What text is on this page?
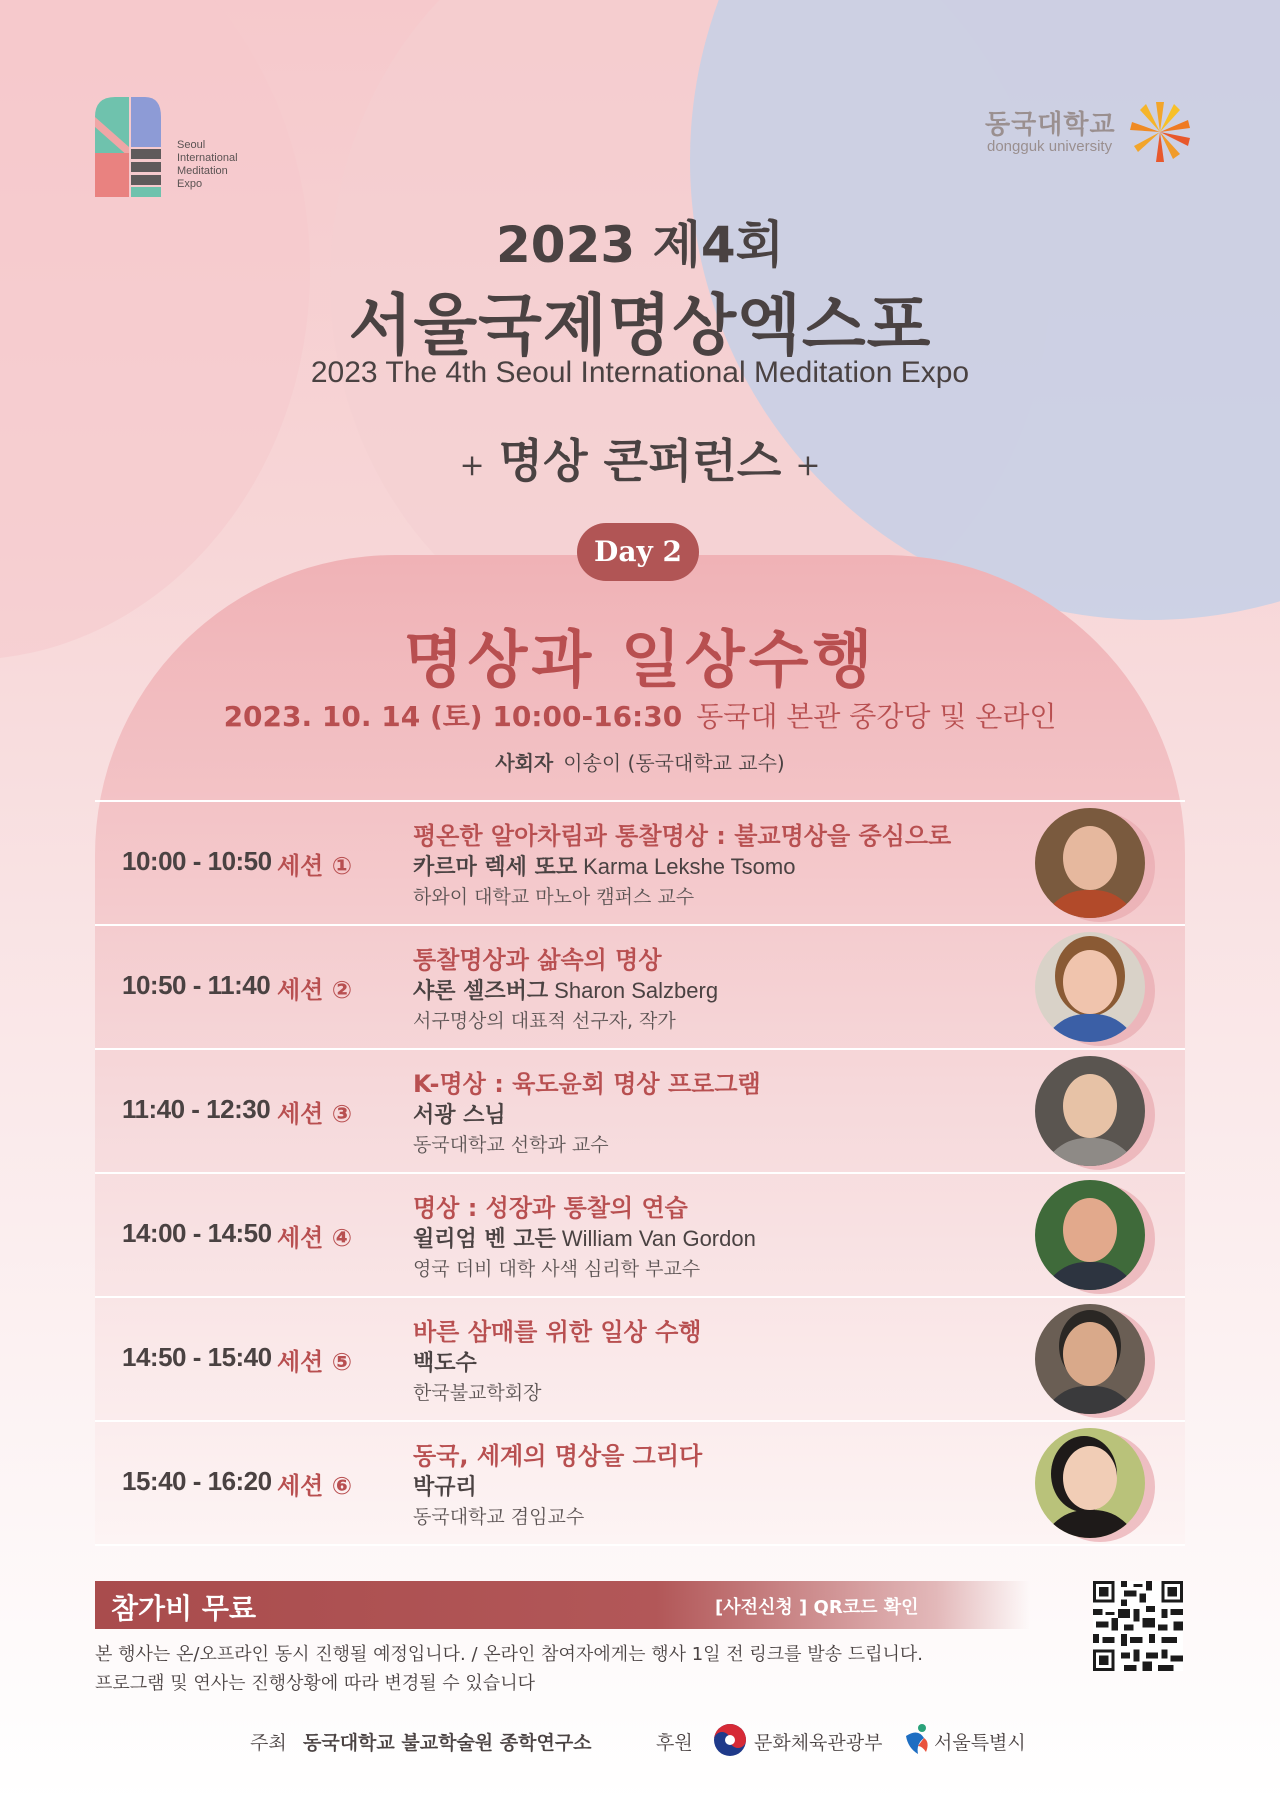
Seoul
International
Meditation
Expo
동국대학교
dongguk university
2023 제4회
서울국제명상엑스포
2023 The 4th Seoul International Meditation Expo
+ 명상 콘퍼런스 +
Day 2
명상과 일상수행
2023. 10. 14 (토) 10:00-16:30 동국대 본관 중강당 및 온라인
사회자 이송이 (동국대학교 교수)
10:00 - 10:50 세션 ①
평온한 알아차림과 통찰명상 : 불교명상을 중심으로
카르마 렉세 또모 Karma Lekshe Tsomo
하와이 대학교 마노아 캠퍼스 교수
10:50 - 11:40 세션 ②
통찰명상과 삶속의 명상
샤론 셀즈버그 Sharon Salzberg
서구명상의 대표적 선구자, 작가
11:40 - 12:30 세션 ③
K-명상 : 육도윤회 명상 프로그램
서광 스님
동국대학교 선학과 교수
14:00 - 14:50 세션 ④
명상 : 성장과 통찰의 연습
윌리엄 벤 고든 William Van Gordon
영국 더비 대학 사색 심리학 부교수
14:50 - 15:40 세션 ⑤
바른 삼매를 위한 일상 수행
백도수
한국불교학회장
15:40 - 16:20 세션 ⑥
동국, 세계의 명상을 그리다
박규리
동국대학교 겸임교수
참가비 무료	[사전신청 ] QR코드 확인
본 행사는 온/오프라인 동시 진행될 예정입니다. / 온라인 참여자에게는 행사 1일 전 링크를 발송 드립니다.
프로그램 및 연사는 진행상황에 따라 변경될 수 있습니다
주최 동국대학교 불교학술원 종학연구소	후원	문화체육관광부	서울특별시
